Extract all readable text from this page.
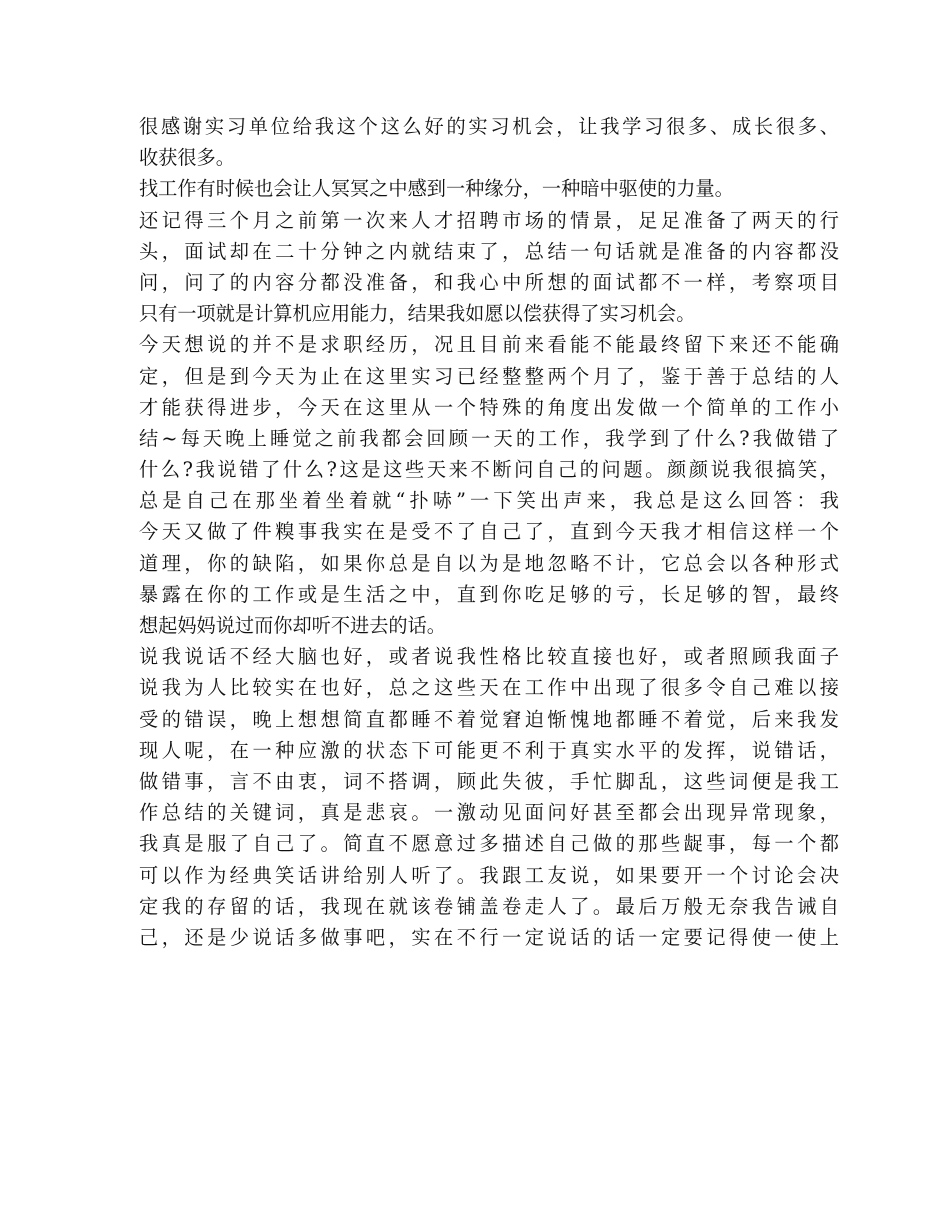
很感谢实习单位给我这个这么好的实习机会，让我学习很多、成长很多、
收获很多。
找工作有时候也会让人冥冥之中感到一种缘分，一种暗中驱使的力量。
还记得三个月之前第一次来人才招聘市场的情景，足足准备了两天的行
头，面试却在二十分钟之内就结束了，总结一句话就是准备的内容都没
问，问了的内容分都没准备，和我心中所想的面试都不一样，考察项目
只有一项就是计算机应用能力，结果我如愿以偿获得了实习机会。
今天想说的并不是求职经历，况且目前来看能不能最终留下来还不能确
定，但是到今天为止在这里实习已经整整两个月了，鉴于善于总结的人
才能获得进步，今天在这里从一个特殊的角度出发做一个简单的工作小
结~每天晚上睡觉之前我都会回顾一天的工作，我学到了什么?我做错了
什么?我说错了什么?这是这些天来不断问自己的问题。颜颜说我很搞笑，
总是自己在那坐着坐着就“扑哧”一下笑出声来，我总是这么回答：我
今天又做了件糗事我实在是受不了自己了，直到今天我才相信这样一个
道理，你的缺陷，如果你总是自以为是地忽略不计，它总会以各种形式
暴露在你的工作或是生活之中，直到你吃足够的亏，长足够的智，最终
想起妈妈说过而你却听不进去的话。
说我说话不经大脑也好，或者说我性格比较直接也好，或者照顾我面子
说我为人比较实在也好，总之这些天在工作中出现了很多令自己难以接
受的错误，晚上想想简直都睡不着觉窘迫惭愧地都睡不着觉，后来我发
现人呢，在一种应激的状态下可能更不利于真实水平的发挥，说错话，
做错事，言不由衷，词不搭调，顾此失彼，手忙脚乱，这些词便是我工
作总结的关键词，真是悲哀。一激动见面问好甚至都会出现异常现象，
我真是服了自己了。简直不愿意过多描述自己做的那些龊事，每一个都
可以作为经典笑话讲给别人听了。我跟工友说，如果要开一个讨论会决
定我的存留的话，我现在就该卷铺盖卷走人了。最后万般无奈我告诫自
己，还是少说话多做事吧，实在不行一定说话的话一定要记得使一使上
